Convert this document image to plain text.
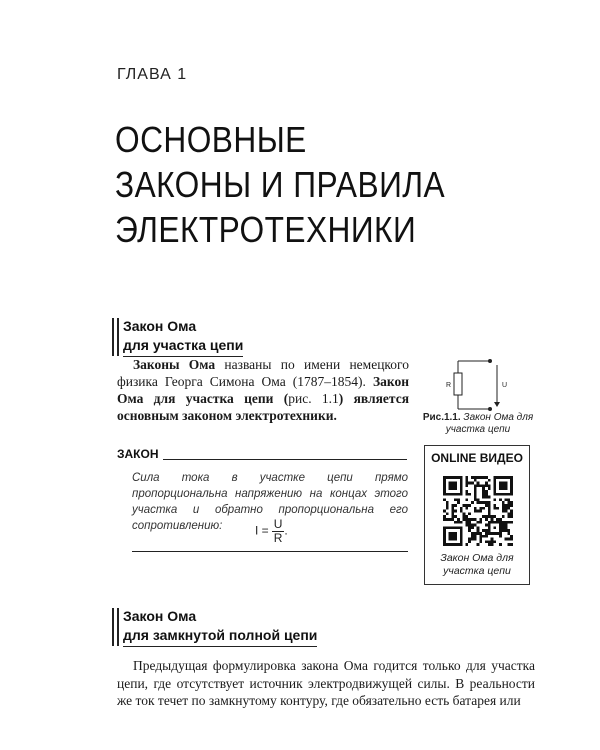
ГЛАВА 1
ОСНОВНЫЕ
ЗАКОНЫ И ПРАВИЛА
ЭЛЕКТРОТЕХНИКИ
Закон Ома
для участка цепи

Законы Ома названы по имени немецкого физика Георга Симона Ома (1787–1854). Закон Ома для участка цепи (рис. 1.1) является основным законом электротехники.

R	U
Рис.1.1. Закон Ома для участка цепи
ЗАКОН
Сила тока в участке цепи прямо пропорциональна напряжению на концах этого участка и обратно пропорциональна его сопротивлению:	$I = \frac{U}{R}$ .
ONLINE ВИДЕО
Закон Ома для участка цепи
Закон Ома
для замкнутой полной цепи

Предыдущая формулировка закона Ома годится только для участка цепи, где отсутствует источник электродвижущей силы. В реальности же ток течет по замкнутому контуру, где обязательно есть батарея или
